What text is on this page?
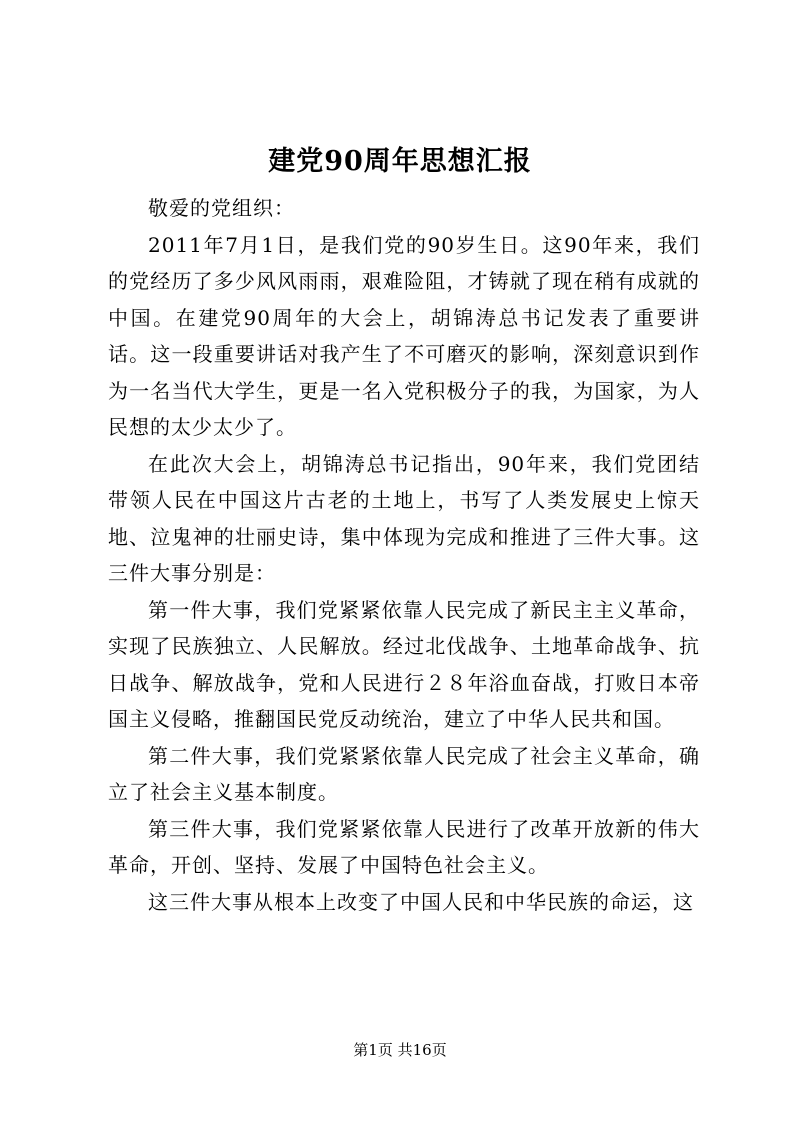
建党90周年思想汇报

敬爱的党组织：

2011年7月1日，是我们党的90岁生日。这90年来，我们的党经历了多少风风雨雨，艰难险阻，才铸就了现在稍有成就的中国。在建党90周年的大会上，胡锦涛总书记发表了重要讲话。这一段重要讲话对我产生了不可磨灭的影响，深刻意识到作为一名当代大学生，更是一名入党积极分子的我，为国家，为人民想的太少太少了。

在此次大会上，胡锦涛总书记指出，90年来，我们党团结带领人民在中国这片古老的土地上，书写了人类发展史上惊天地、泣鬼神的壮丽史诗，集中体现为完成和推进了三件大事。这三件大事分别是：

第一件大事，我们党紧紧依靠人民完成了新民主主义革命，实现了民族独立、人民解放。经过北伐战争、土地革命战争、抗日战争、解放战争，党和人民进行２８年浴血奋战，打败日本帝国主义侵略，推翻国民党反动统治，建立了中华人民共和国。

第二件大事，我们党紧紧依靠人民完成了社会主义革命，确立了社会主义基本制度。

第三件大事，我们党紧紧依靠人民进行了改革开放新的伟大革命，开创、坚持、发展了中国特色社会主义。

这三件大事从根本上改变了中国人民和中华民族的命运，这

第1页 共16页
